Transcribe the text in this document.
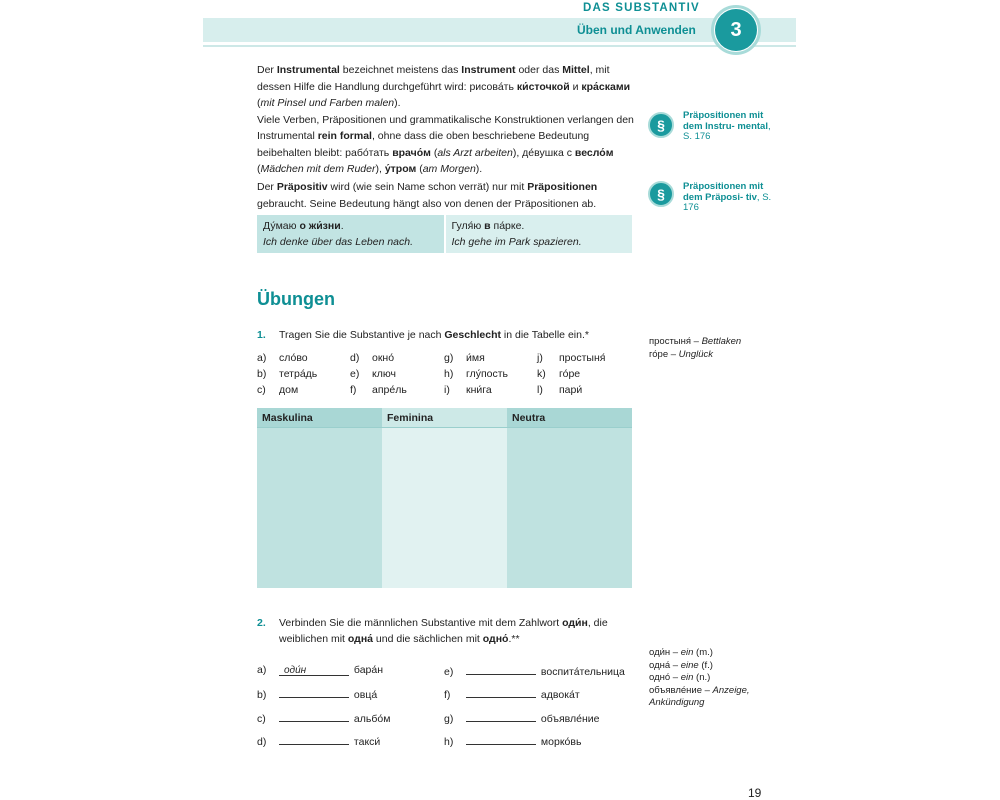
DAS SUBSTANTIV
Üben und Anwenden	3
Der Instrumental bezeichnet meistens das Instrument oder das Mittel, mit dessen Hilfe die Handlung durchgeführt wird: рисова́ть ки́сточкой и кра́сками (mit Pinsel und Farben malen).
Viele Verben, Präpositionen und grammatikalische Konstruktionen verlangen den Instrumental rein formal, ohne dass die oben beschriebene Bedeutung beibehalten bleibt: рабо́тать врачо́м (als Arzt arbeiten), де́вушка с весло́м (Mädchen mit dem Ruder), у́тром (am Morgen).
Der Präpositiv wird (wie sein Name schon verrät) nur mit Präpositionen gebraucht. Seine Bedeutung hängt also von denen der Präpositionen ab.
Ду́маю о жи́зни.
Ich denke über das Leben nach.
Гуля́ю в па́рке.
Ich gehe im Park spazieren.
§
Präpositionen mit dem Instru- mental, S. 176
§	Präpositionen mit dem Präposi- tiv, S. 176
Übungen
1. Tragen Sie die Substantive je nach Geschlecht in die Tabelle ein.*
a) сло́во
b) тетра́дь
c) дом
d) окно́
e) ключ
f) апре́ль
g) и́мя
h) глу́пость
i) кни́га
j) простыня́
k) го́ре
l) пари́
простыня́ – Bettlaken
го́ре – Unglück
Maskulina	Feminina	Neutra
2. Verbinden Sie die männlichen Substantive mit dem Zahlwort оди́н, die weiblichen mit одна́ und die sächlichen mit одно́.**
a) оди́н	бара́н
b)	овца́
c)	альбо́м
d)	такси́
e)	воспита́тельница
f)	адвока́т
g)	объявле́ние
h)	морко́вь
оди́н – ein (m.)
одна́ – eine (f.)
одно́ – ein (n.)
объявле́ние – Anzeige, Ankündigung
19
